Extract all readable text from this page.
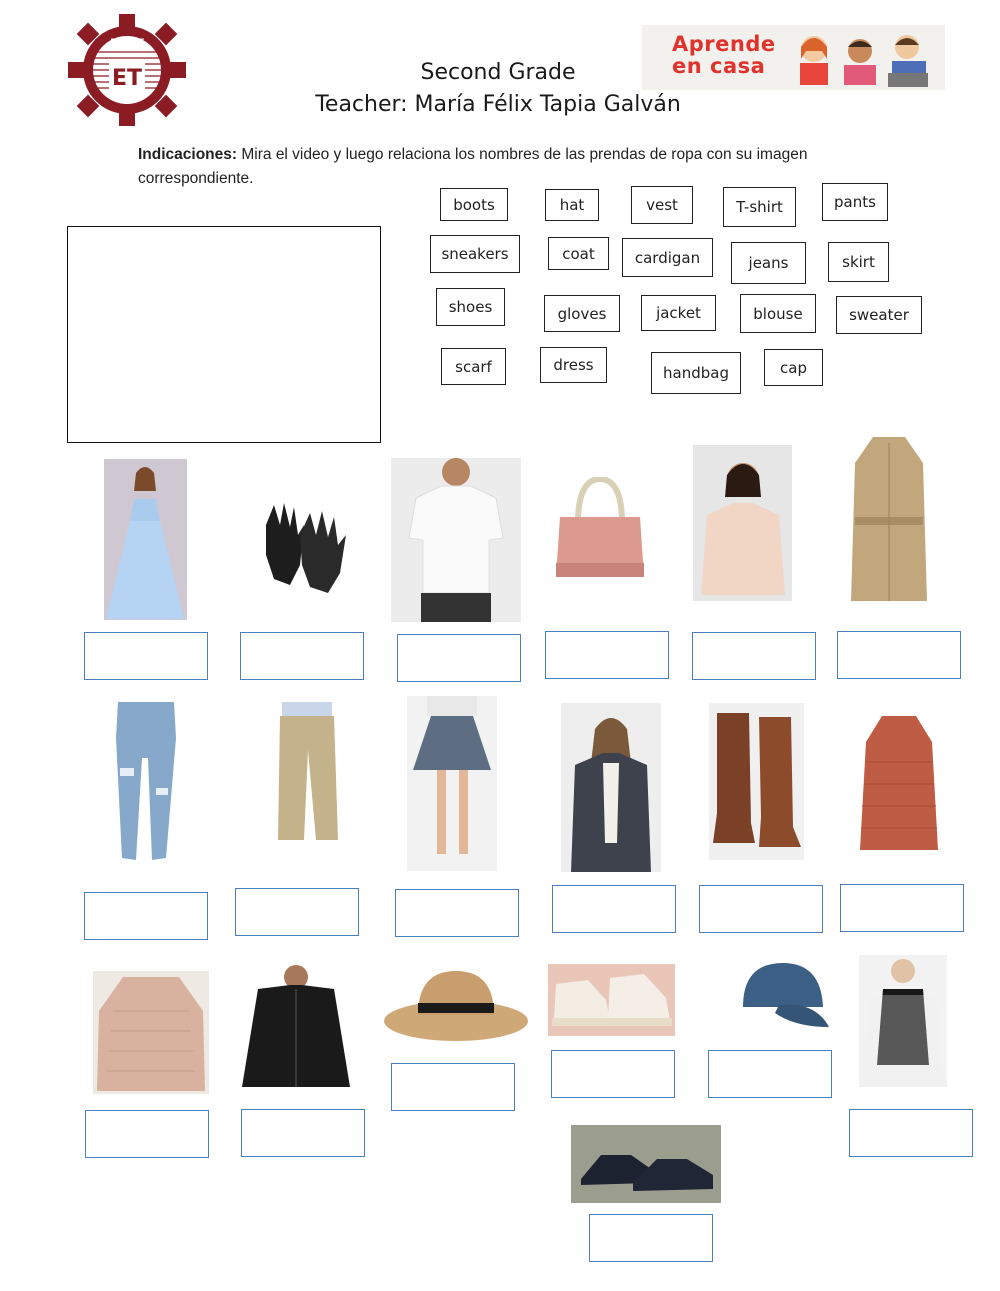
ET
DGEST	Aprende
en casa
Second Grade
Teacher: María Félix Tapia Galván
Indicaciones: Mira el video y luego relaciona los nombres de las prendas de ropa con su imagen correspondiente.
boots	hat	vest	T-shirt	pants
sneakers	coat	cardigan	jeans	skirt
shoes	gloves	jacket	blouse	sweater
scarf	dress	handbag	cap
